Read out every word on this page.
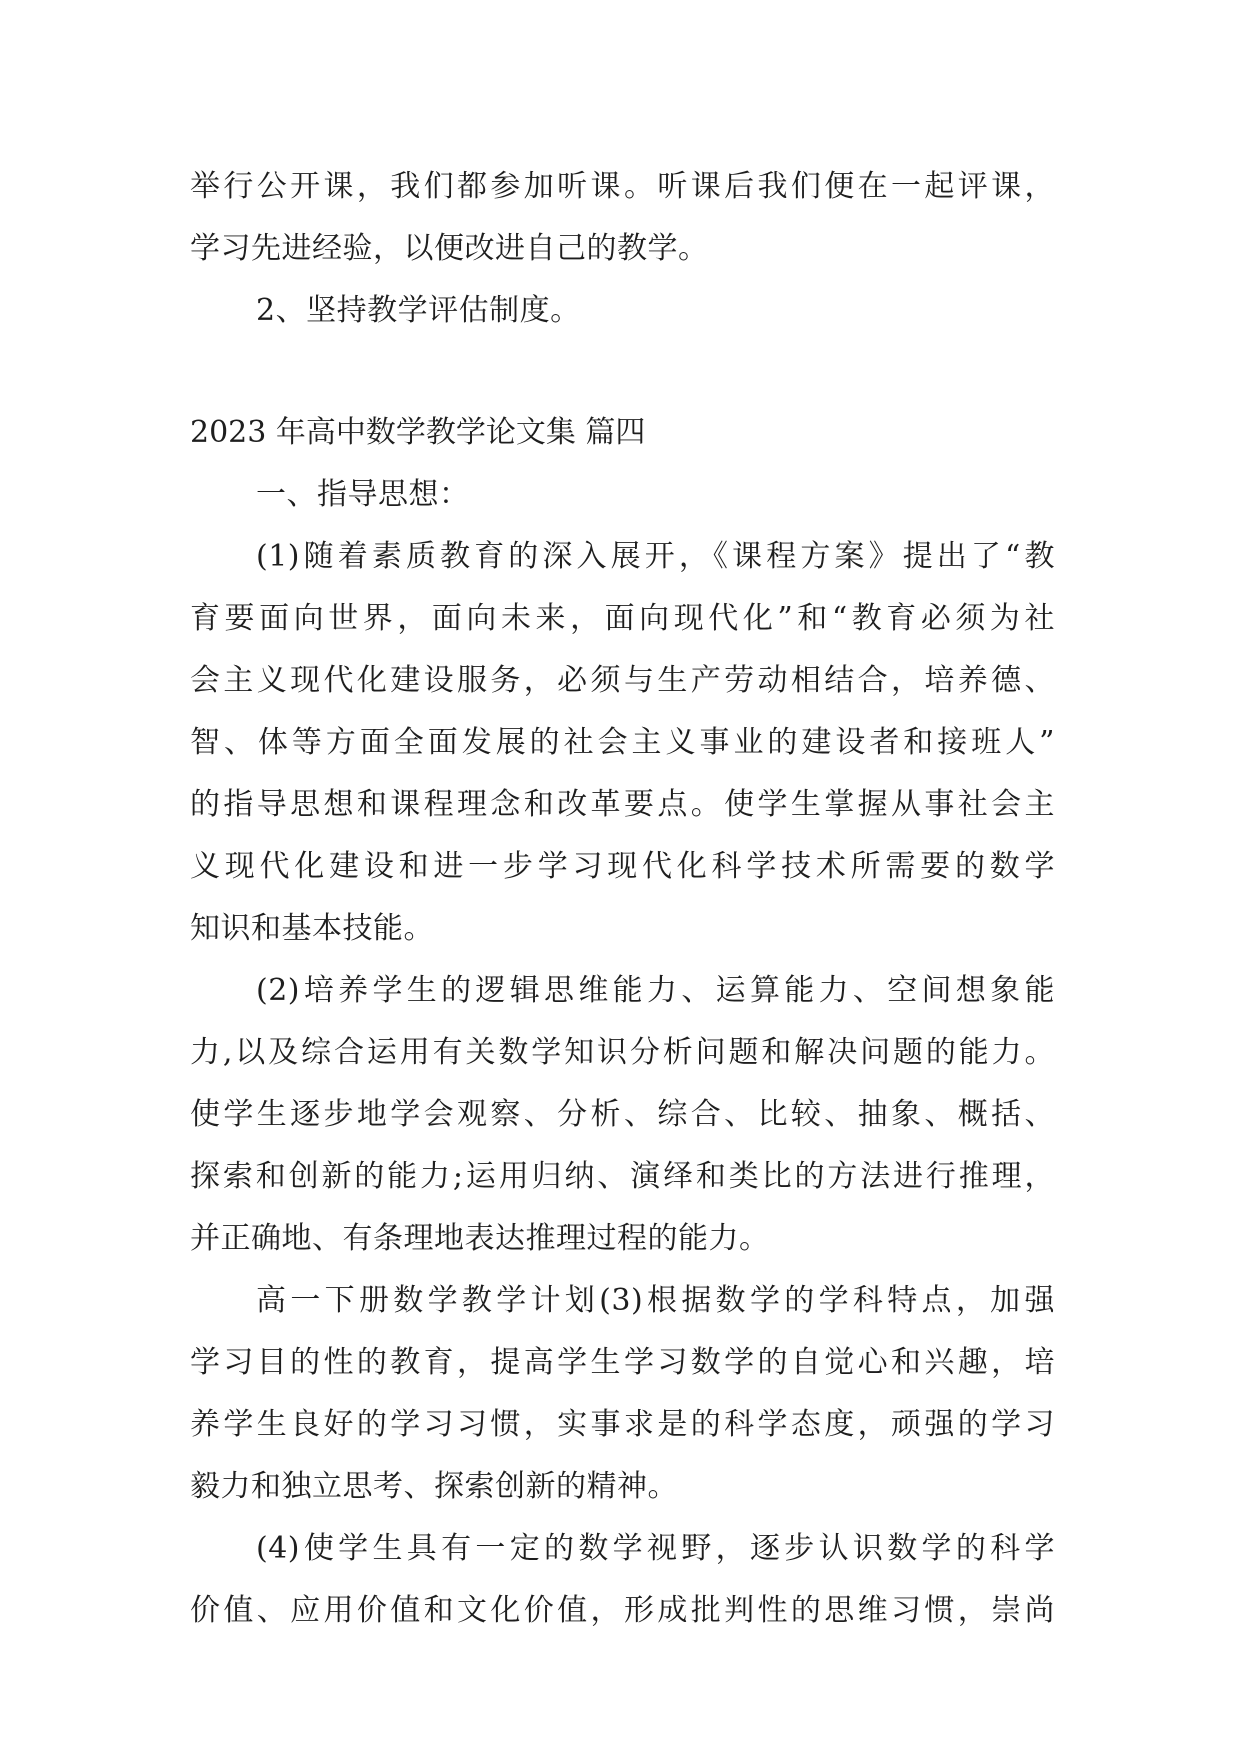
举行公开课，我们都参加听课。听课后我们便在一起评课，

学习先进经验，以便改进自己的教学。

2、坚持教学评估制度。

2023 年高中数学教学论文集 篇四

一、指导思想：

(1)随着素质教育的深入展开，《课程方案》提出了“教

育要面向世界，面向未来，面向现代化”和“教育必须为社

会主义现代化建设服务，必须与生产劳动相结合，培养德、

智、体等方面全面发展的社会主义事业的建设者和接班人”

的指导思想和课程理念和改革要点。使学生掌握从事社会主

义现代化建设和进一步学习现代化科学技术所需要的数学

知识和基本技能。

(2)培养学生的逻辑思维能力、运算能力、空间想象能

力,以及综合运用有关数学知识分析问题和解决问题的能力。

使学生逐步地学会观察、分析、综合、比较、抽象、概括、

探索和创新的能力;运用归纳、演绎和类比的方法进行推理，

并正确地、有条理地表达推理过程的能力。

高一下册数学教学计划(3)根据数学的学科特点，加强

学习目的性的教育，提高学生学习数学的自觉心和兴趣，培

养学生良好的学习习惯，实事求是的科学态度，顽强的学习

毅力和独立思考、探索创新的精神。

(4)使学生具有一定的数学视野，逐步认识数学的科学

价值、应用价值和文化价值，形成批判性的思维习惯，崇尚
